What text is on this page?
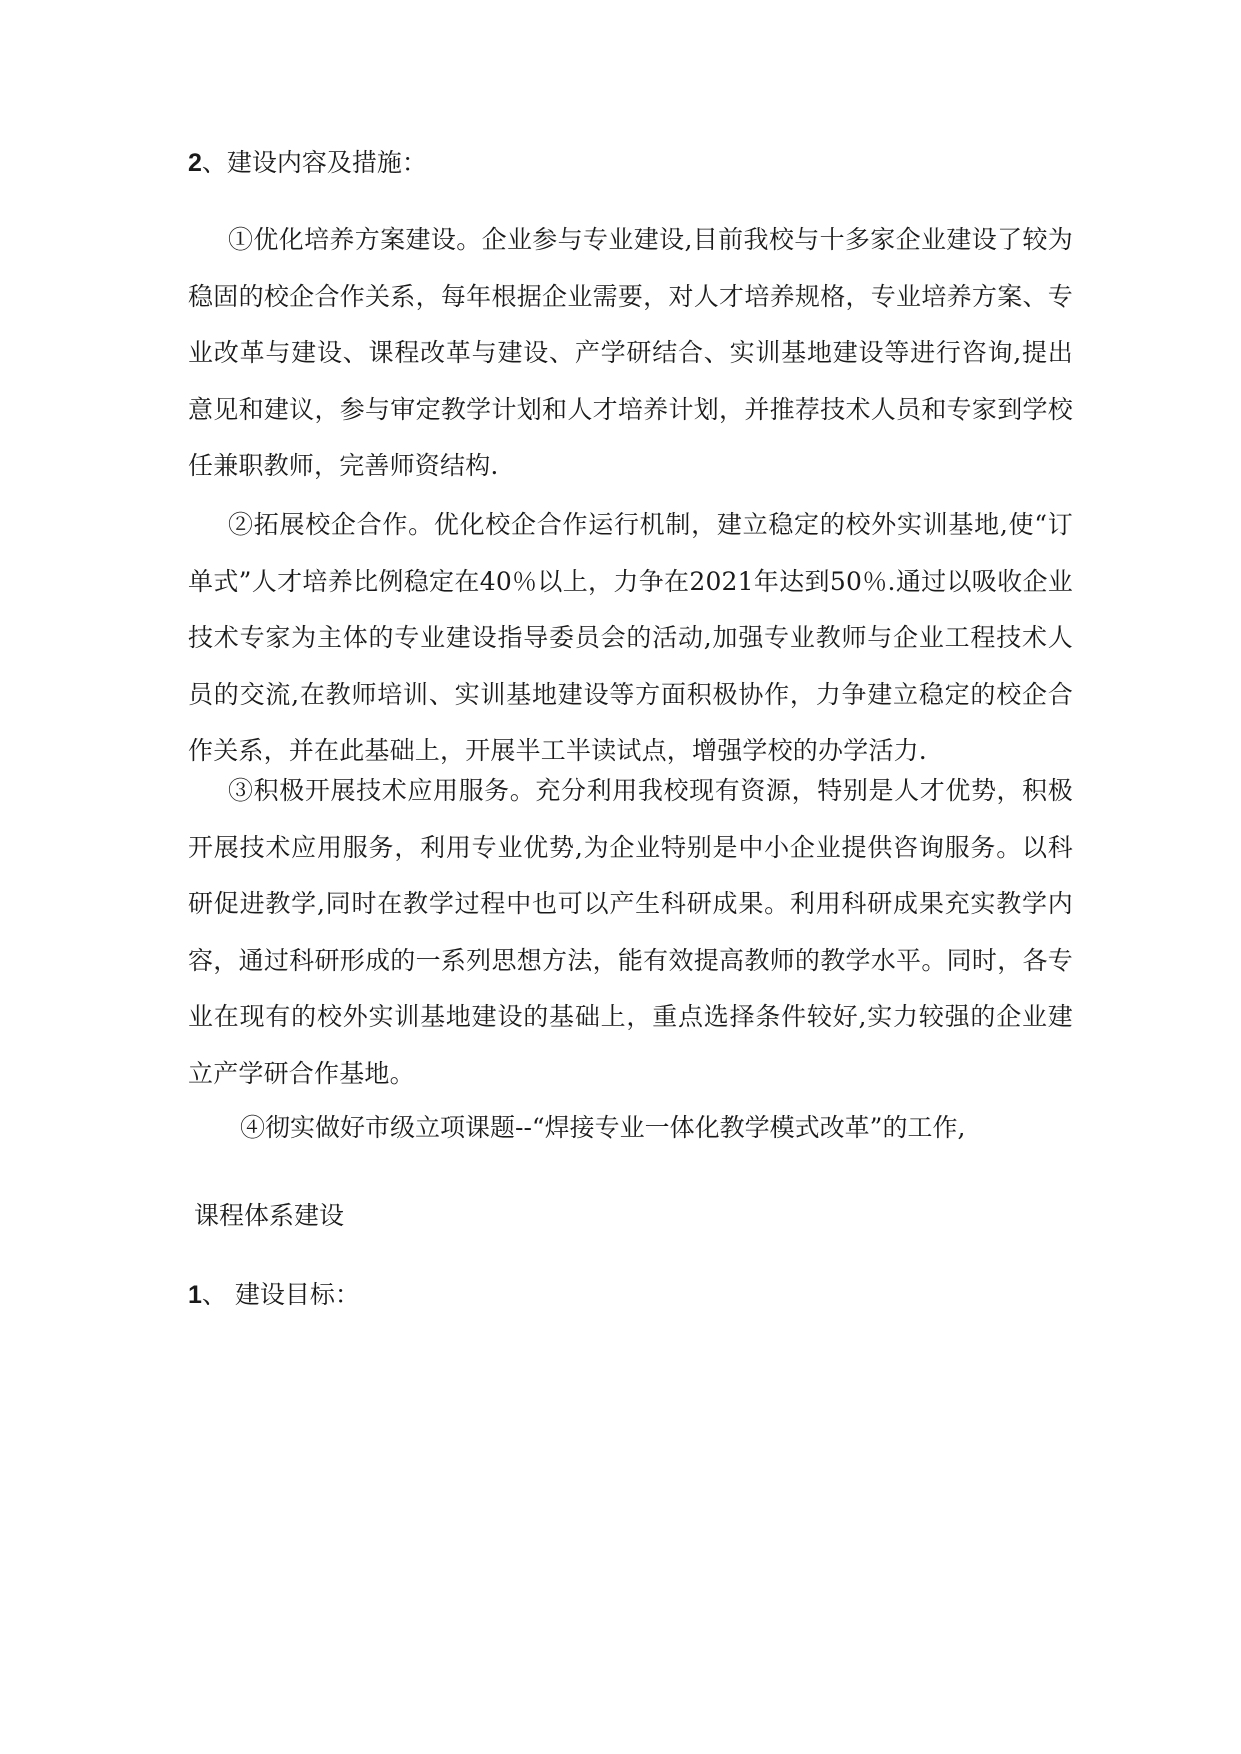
2、建设内容及措施：
①优化培养方案建设。企业参与专业建设,目前我校与十多家企业建设了较为稳固的校企合作关系，每年根据企业需要，对人才培养规格，专业培养方案、专业改革与建设、课程改革与建设、产学研结合、实训基地建设等进行咨询,提出意见和建议，参与审定教学计划和人才培养计划，并推荐技术人员和专家到学校任兼职教师，完善师资结构.
②拓展校企合作。优化校企合作运行机制，建立稳定的校外实训基地,使“订单式”人才培养比例稳定在40％以上，力争在2021年达到50％.通过以吸收企业技术专家为主体的专业建设指导委员会的活动,加强专业教师与企业工程技术人员的交流,在教师培训、实训基地建设等方面积极协作，力争建立稳定的校企合作关系，并在此基础上，开展半工半读试点，增强学校的办学活力.
③积极开展技术应用服务。充分利用我校现有资源，特别是人才优势，积极开展技术应用服务，利用专业优势,为企业特别是中小企业提供咨询服务。以科研促进教学,同时在教学过程中也可以产生科研成果。利用科研成果充实教学内容，通过科研形成的一系列思想方法，能有效提高教师的教学水平。同时，各专业在现有的校外实训基地建设的基础上，重点选择条件较好,实力较强的企业建立产学研合作基地。
④彻实做好市级立项课题--“焊接专业一体化教学模式改革”的工作,
课程体系建设
1、 建设目标：
